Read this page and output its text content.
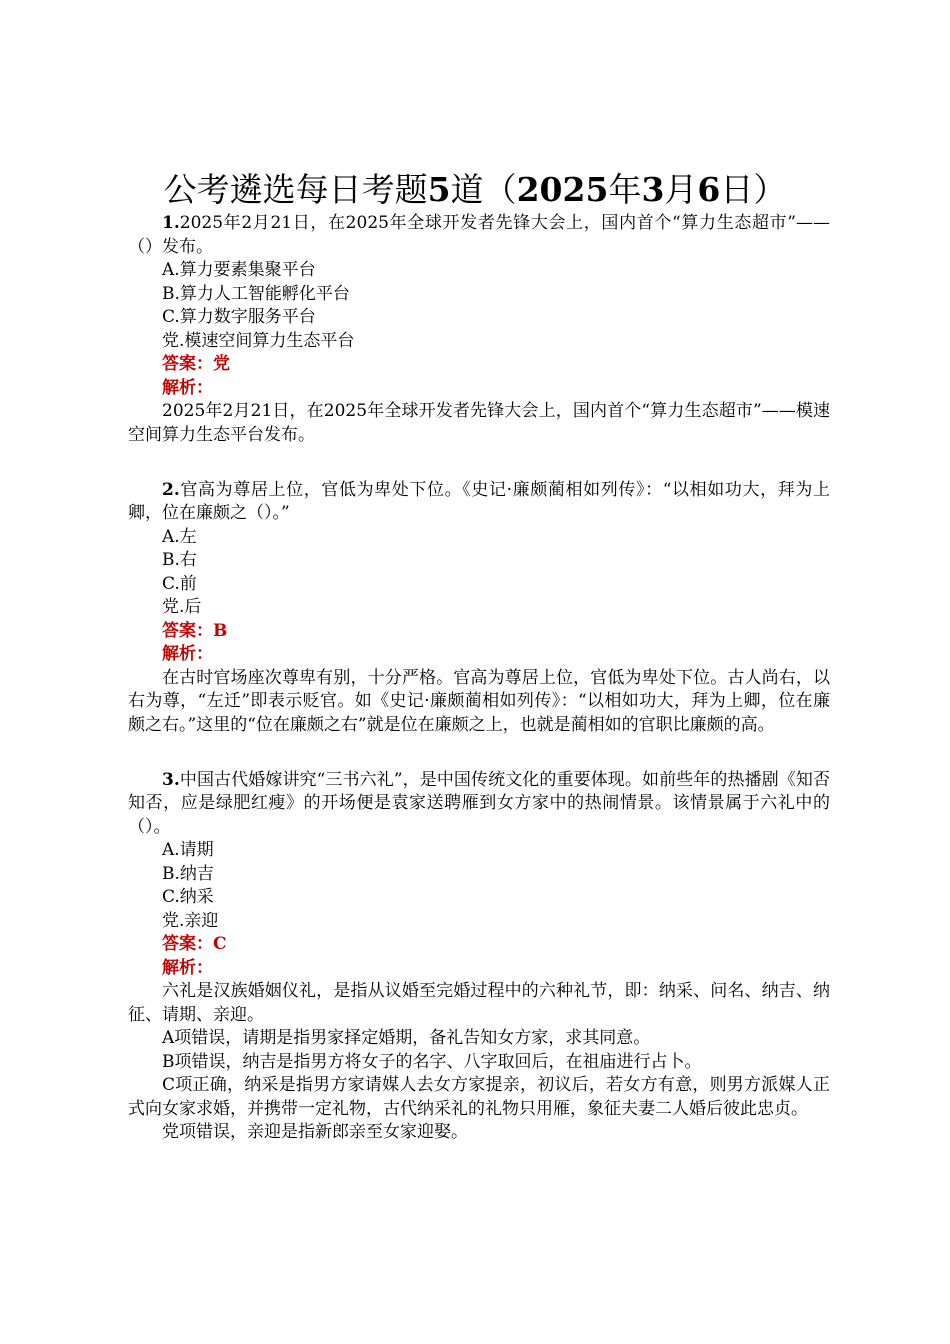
公考遴选每日考题5道（2025年3月6日）

1.2025年2月21日，在2025年全球开发者先锋大会上，国内首个“算力生态超市”——（）发布。

A.算力要素集聚平台

B.算力人工智能孵化平台

C.算力数字服务平台

党.模速空间算力生态平台

答案：党

解析：

2025年2月21日，在2025年全球开发者先锋大会上，国内首个“算力生态超市”——模速空间算力生态平台发布。

2.官高为尊居上位，官低为卑处下位。《史记·廉颇蔺相如列传》：“以相如功大，拜为上卿，位在廉颇之（）。”

A.左

B.右

C.前

党.后

答案：B

解析：

在古时官场座次尊卑有别，十分严格。官高为尊居上位，官低为卑处下位。古人尚右，以右为尊，“左迁”即表示贬官。如《史记·廉颇蔺相如列传》：“以相如功大，拜为上卿，位在廉颇之右。”这里的“位在廉颇之右”就是位在廉颇之上，也就是蔺相如的官职比廉颇的高。

3.中国古代婚嫁讲究“三书六礼”，是中国传统文化的重要体现。如前些年的热播剧《知否知否，应是绿肥红瘦》的开场便是袁家送聘雁到女方家中的热闹情景。该情景属于六礼中的（）。

A.请期

B.纳吉

C.纳采

党.亲迎

答案：C

解析：

六礼是汉族婚姻仪礼，是指从议婚至完婚过程中的六种礼节，即：纳采、问名、纳吉、纳征、请期、亲迎。

A项错误，请期是指男家择定婚期，备礼告知女方家，求其同意。

B项错误，纳吉是指男方将女子的名字、八字取回后，在祖庙进行占卜。

C项正确，纳采是指男方家请媒人去女方家提亲，初议后，若女方有意，则男方派媒人正式向女家求婚，并携带一定礼物，古代纳采礼的礼物只用雁，象征夫妻二人婚后彼此忠贞。

党项错误，亲迎是指新郎亲至女家迎娶。
